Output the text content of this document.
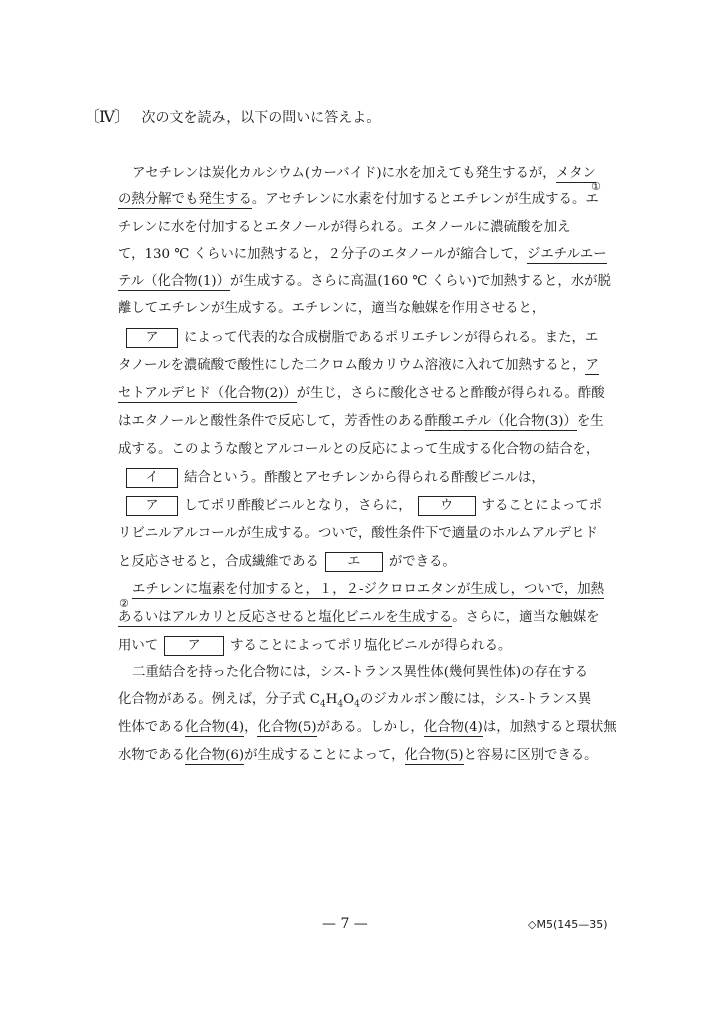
〔Ⅳ〕 次の文を読み，以下の問いに答えよ。
アセチレンは炭化カルシウム(カーバイド)に水を加えても発生するが，メタン
①
の熱分解でも発生する。アセチレンに水素を付加するとエチレンが生成する。エ
チレンに水を付加するとエタノールが得られる。エタノールに濃硫酸を加え
て，130 ℃ くらいに加熱すると，２分子のエタノールが縮合して，ジエチルエー
テル（化合物(1)）が生成する。さらに高温(160 ℃ くらい)で加熱すると，水が脱
離してエチレンが生成する。エチレンに，適当な触媒を作用させると，
ア によって代表的な合成樹脂であるポリエチレンが得られる。また，エ
タノールを濃硫酸で酸性にした二クロム酸カリウム溶液に入れて加熱すると，ア
セトアルデヒド（化合物(2)）が生じ，さらに酸化させると酢酸が得られる。酢酸
はエタノールと酸性条件で反応して，芳香性のある酢酸エチル（化合物(3)）を生
成する。このような酸とアルコールとの反応によって生成する化合物の結合を，
イ 結合という。酢酸とアセチレンから得られる酢酸ビニルは，
ア してポリ酢酸ビニルとなり，さらに， ウ することによってポ
リビニルアルコールが生成する。ついで，酸性条件下で適量のホルムアルデヒド
と反応させると，合成繊維である エ ができる。
エチレンに塩素を付加すると，１，２-ジクロロエタンが生成し，ついで，加熱
②
あるいはアルカリと反応させると塩化ビニルを生成する。さらに，適当な触媒を
用いて ア することによってポリ塩化ビニルが得られる。
二重結合を持った化合物には，シス-トランス異性体(幾何異性体)の存在する
化合物がある。例えば，分子式 $C_4H_4O_4$のジカルボン酸には，シス-トランス異
性体である化合物(4)，化合物(5)がある。しかし，化合物(4)は，加熱すると環状無
水物である化合物(6)が生成することによって，化合物(5)と容易に区別できる。
— 7 —	◇M5(145—35)
